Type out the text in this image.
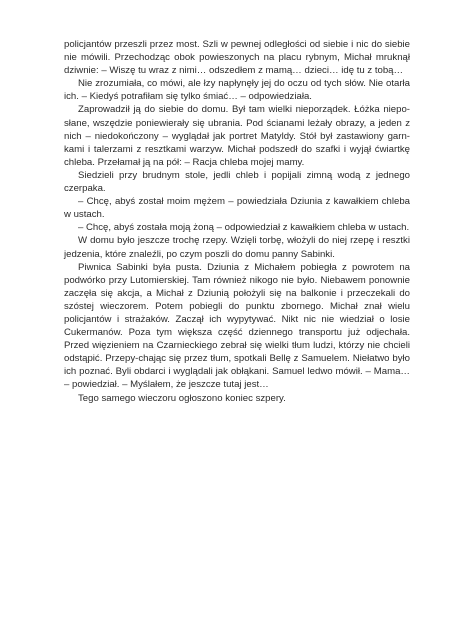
policjantów przeszli przez most. Szli w pewnej odległości od siebie i nic do siebie nie mówili. Przechodząc obok powieszonych na placu rybnym, Michał mruknął dziwnie: – Wiszę tu wraz z nimi… odszedłem z mamą… dzieci… idę tu z tobą…

Nie zrozumiała, co mówi, ale łzy napłynęły jej do oczu od tych słów. Nie otarła ich. – Kiedyś potrafiłam się tylko śmiać… – odpowiedziała.

Zaprowadził ją do siebie do domu. Był tam wielki nieporządek. Łóżka niepo-słane, wszędzie poniewierały się ubrania. Pod ścianami leżały obrazy, a jeden z nich – niedokończony – wyglądał jak portret Matyldy. Stół był zastawiony garn-kami i talerzami z resztkami warzyw. Michał podszedł do szafki i wyjął ćwiartkę chleba. Przełamał ją na pół: – Racja chleba mojej mamy.

Siedzieli przy brudnym stole, jedli chleb i popijali zimną wodą z jednego czerpaka.

– Chcę, abyś został moim mężem – powiedziała Dziunia z kawałkiem chleba w ustach.

– Chcę, abyś została moją żoną – odpowiedział z kawałkiem chleba w ustach.

W domu było jeszcze trochę rzepy. Wzięli torbę, włożyli do niej rzepę i resztki jedzenia, które znaleźli, po czym poszli do domu panny Sabinki.

Piwnica Sabinki była pusta. Dziunia z Michałem pobiegła z powrotem na podwórko przy Lutomierskiej. Tam również nikogo nie było. Niebawem ponownie zaczęła się akcja, a Michał z Dziunią położyli się na balkonie i przeczekali do szóstej wieczorem. Potem pobiegli do punktu zbornego. Michał znał wielu policjantów i strażaków. Zaczął ich wypytywać. Nikt nic nie wiedział o losie Cukermanów. Poza tym większa część dziennego transportu już odjechała. Przed więzieniem na Czarnieckiego zebrał się wielki tłum ludzi, którzy nie chcieli odstąpić. Przepy-chając się przez tłum, spotkali Bellę z Samuelem. Niełatwo było ich poznać. Byli obdarci i wyglądali jak obłąkani. Samuel ledwo mówił. – Mama… – powiedział. – Myślałem, że jeszcze tutaj jest…

Tego samego wieczoru ogłoszono koniec szpery.
